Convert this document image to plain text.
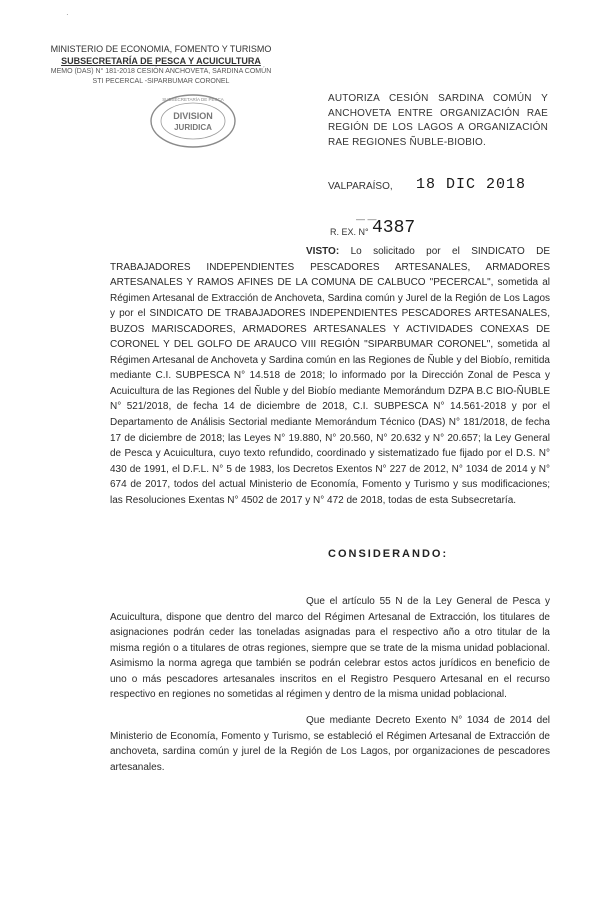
·
MINISTERIO DE ECONOMIA, FOMENTO Y TURISMO
SUBSECRETARÍA DE PESCA Y ACUICULTURA
MEMO (DAS) N° 181-2018 CESIÓN ANCHOVETA, SARDINA COMÚN
STI PECERCAL -SIPARBUMAR CORONEL
DIVISION
JURIDICA
SUBSECRETARÍA DE PESCA	AUTORIZA CESIÓN SARDINA COMÚN Y ANCHOVETA ENTRE ORGANIZACIÓN RAE REGIÓN DE LOS LAGOS A ORGANIZACIÓN RAE REGIONES ÑUBLE-BIOBIO.
VALPARAÍSO, 18 DIC 2018
— —
R. EX. N° 4387
VISTO: Lo solicitado por el SINDICATO DE TRABAJADORES INDEPENDIENTES PESCADORES ARTESANALES, ARMADORES ARTESANALES Y RAMOS AFINES DE LA COMUNA DE CALBUCO "PECERCAL", sometida al Régimen Artesanal de Extracción de Anchoveta, Sardina común y Jurel de la Región de Los Lagos y por el SINDICATO DE TRABAJADORES INDEPENDIENTES PESCADORES ARTESANALES, BUZOS MARISCADORES, ARMADORES ARTESANALES Y ACTIVIDADES CONEXAS DE CORONEL Y DEL GOLFO DE ARAUCO VIII REGIÓN "SIPARBUMAR CORONEL", sometida al Régimen Artesanal de Anchoveta y Sardina común en las Regiones de Ñuble y del Biobío, remitida mediante C.I. SUBPESCA N° 14.518 de 2018; lo informado por la Dirección Zonal de Pesca y Acuicultura de las Regiones del Ñuble y del Biobío mediante Memorándum DZPA B.C BIO-ÑUBLE N° 521/2018, de fecha 14 de diciembre de 2018, C.I. SUBPESCA N° 14.561-2018 y por el Departamento de Análisis Sectorial mediante Memorándum Técnico (DAS) N° 181/2018, de fecha 17 de diciembre de 2018; las Leyes N° 19.880, N° 20.560, N° 20.632 y N° 20.657; la Ley General de Pesca y Acuicultura, cuyo texto refundido, coordinado y sistematizado fue fijado por el D.S. N° 430 de 1991, el D.F.L. N° 5 de 1983, los Decretos Exentos N° 227 de 2012, N° 1034 de 2014 y N° 674 de 2017, todos del actual Ministerio de Economía, Fomento y Turismo y sus modificaciones; las Resoluciones Exentas N° 4502 de 2017 y N° 472 de 2018, todas de esta Subsecretaría.
CONSIDERANDO:
Que el artículo 55 N de la Ley General de Pesca y Acuicultura, dispone que dentro del marco del Régimen Artesanal de Extracción, los titulares de asignaciones podrán ceder las toneladas asignadas para el respectivo año a otro titular de la misma región o a titulares de otras regiones, siempre que se trate de la misma unidad poblacional. Asimismo la norma agrega que también se podrán celebrar estos actos jurídicos en beneficio de uno o más pescadores artesanales inscritos en el Registro Pesquero Artesanal en el recurso respectivo en regiones no sometidas al régimen y dentro de la misma unidad poblacional.
Que mediante Decreto Exento N° 1034 de 2014 del Ministerio de Economía, Fomento y Turismo, se estableció el Régimen Artesanal de Extracción de anchoveta, sardina común y jurel de la Región de Los Lagos, por organizaciones de pescadores artesanales.
